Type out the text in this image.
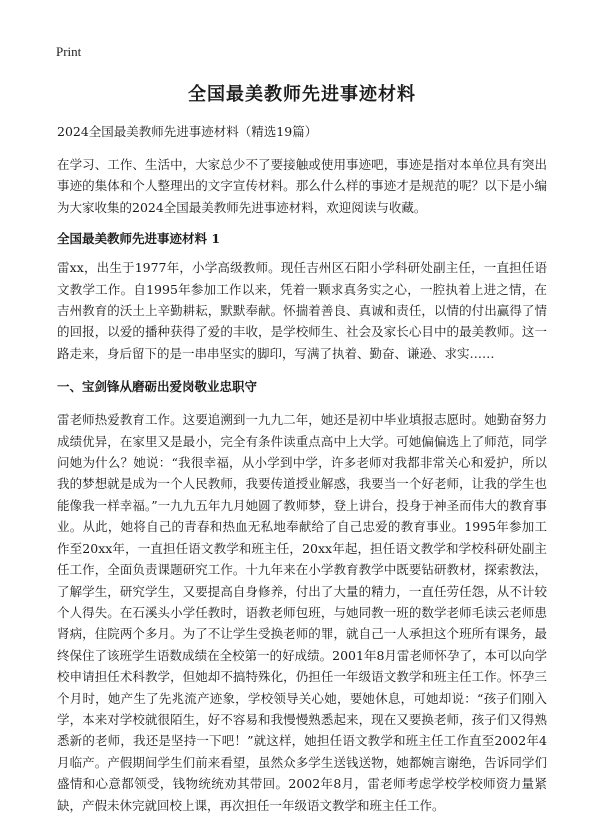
Print
全国最美教师先进事迹材料
2024全国最美教师先进事迹材料（精选19篇）

在学习、工作、生活中，大家总少不了要接触或使用事迹吧，事迹是指对本单位具有突出事迹的集体和个人整理出的文字宣传材料。那么什么样的事迹才是规范的呢？以下是小编为大家收集的2024全国最美教师先进事迹材料，欢迎阅读与收藏。

全国最美教师先进事迹材料 1

雷xx，出生于1977年，小学高级教师。现任吉州区石阳小学科研处副主任，一直担任语文教学工作。自1995年参加工作以来，凭着一颗求真务实之心，一腔执着上进之情，在吉州教育的沃土上辛勤耕耘，默默奉献。怀揣着善良、真诚和责任，以情的付出赢得了情的回报，以爱的播种获得了爱的丰收，是学校师生、社会及家长心目中的最美教师。这一路走来，身后留下的是一串串坚实的脚印，写满了执着、勤奋、谦逊、求实……

一、宝剑锋从磨砺出爱岗敬业忠职守

雷老师热爱教育工作。这要追溯到一九九二年，她还是初中毕业填报志愿时。她勤奋努力成绩优异，在家里又是最小，完全有条件读重点高中上大学。可她偏偏选上了师范，同学问她为什么？她说：“我很幸福，从小学到中学，许多老师对我都非常关心和爱护，所以我的梦想就是成为一个人民教师，我要传道授业解惑，我要当一个好老师，让我的学生也能像我一样幸福。”一九九五年九月她圆了教师梦，登上讲台，投身于神圣而伟大的教育事业。从此，她将自己的青春和热血无私地奉献给了自己忠爱的教育事业。1995年参加工作至20xx年，一直担任语文教学和班主任，20xx年起，担任语文教学和学校科研处副主任工作，全面负责课题研究工作。十九年来在小学教育教学中既要钻研教材，探索教法，了解学生，研究学生，又要提高自身修养，付出了大量的精力，一直任劳任怨，从不计较个人得失。在石溪头小学任教时，语教老师包班，与她同教一班的数学老师毛读云老师患肾病，住院两个多月。为了不让学生受换老师的罪，就自己一人承担这个班所有课务，最终保住了该班学生语数成绩在全校第一的好成绩。2001年8月雷老师怀孕了，本可以向学校申请担任术科教学，但她却不搞特殊化，仍担任一年级语文教学和班主任工作。怀孕三个月时，她产生了先兆流产迹象，学校领导关心她，要她休息，可她却说：“孩子们刚入学，本来对学校就很陌生，好不容易和我慢慢熟悉起来，现在又要换老师，孩子们又得熟悉新的老师，我还是坚持一下吧！”就这样，她担任语文教学和班主任工作直至2002年4月临产。产假期间学生们前来看望，虽然众多学生送钱送物，她都婉言谢绝，告诉同学们盛情和心意都领受，钱物统统劝其带回。2002年8月，雷老师考虑学校学校师资力量紧缺，产假未休完就回校上课，再次担任一年级语文教学和班主任工作。
